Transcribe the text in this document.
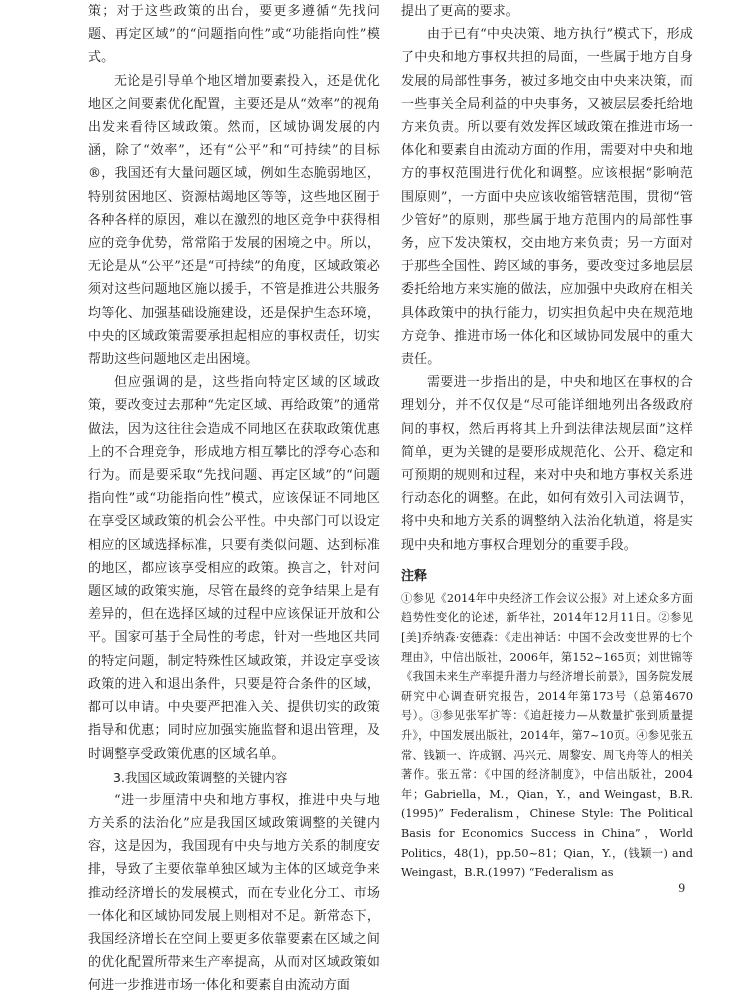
策；对于这些政策的出台，要更多遵循“先找问题、再定区域”的“问题指向性”或“功能指向性”模式。

无论是引导单个地区增加要素投入，还是优化地区之间要素优化配置，主要还是从“效率”的视角出发来看待区域政策。然而，区域协调发展的内涵，除了“效率”，还有“公平”和“可持续”的目标®，我国还有大量问题区域，例如生态脆弱地区，特别贫困地区、资源枯竭地区等等，这些地区囿于各种各样的原因，难以在激烈的地区竞争中获得相应的竞争优势，常常陷于发展的困境之中。所以，无论是从“公平”还是“可持续”的角度，区域政策必须对这些问题地区施以援手，不管是推进公共服务均等化、加强基础设施建设，还是保护生态环境，中央的区域政策需要承担起相应的事权责任，切实帮助这些问题地区走出困境。

但应强调的是，这些指向特定区域的区域政策，要改变过去那种“先定区域、再给政策”的通常做法，因为这往往会造成不同地区在获取政策优惠上的不合理竞争，形成地方相互攀比的浮夸心态和行为。而是要采取“先找问题、再定区域”的“问题指向性”或“功能指向性”模式，应该保证不同地区在享受区域政策的机会公平性。中央部门可以设定相应的区域选择标准，只要有类似问题、达到标准的地区，都应该享受相应的政策。换言之，针对问题区域的政策实施，尽管在最终的竞争结果上是有差异的，但在选择区域的过程中应该保证开放和公平。国家可基于全局性的考虑，针对一些地区共同的特定问题，制定特殊性区域政策，并设定享受该政策的进入和退出条件，只要是符合条件的区域，都可以申请。中央要严把准入关、提供切实的政策指导和优惠；同时应加强实施监督和退出管理，及时调整享受政策优惠的区域名单。

3.我国区域政策调整的关键内容

“进一步厘清中央和地方事权，推进中央与地方关系的法治化”应是我国区域政策调整的关键内容，这是因为，我国现有中央与地方关系的制度安排，导致了主要依靠单独区域为主体的区域竞争来推动经济增长的发展模式，而在专业化分工、市场一体化和区域协同发展上则相对不足。新常态下，我国经济增长在空间上要更多依靠要素在区域之间的优化配置所带来生产率提高，从而对区域政策如何进一步推进市场一体化和要素自由流动方面

提出了更高的要求。

由于已有“中央决策、地方执行”模式下，形成了中央和地方事权共担的局面，一些属于地方自身发展的局部性事务，被过多地交由中央来决策，而一些事关全局利益的中央事务，又被层层委托给地方来负责。所以要有效发挥区域政策在推进市场一体化和要素自由流动方面的作用，需要对中央和地方的事权范围进行优化和调整。应该根据“影响范围原则”，一方面中央应该收缩管辖范围，贯彻“管少管好”的原则，那些属于地方范围内的局部性事务，应下发决策权，交由地方来负责；另一方面对于那些全国性、跨区域的事务，要改变过多地层层委托给地方来实施的做法，应加强中央政府在相关具体政策中的执行能力，切实担负起中央在规范地方竞争、推进市场一体化和区域协同发展中的重大责任。

需要进一步指出的是，中央和地区在事权的合理划分，并不仅仅是“尽可能详细地列出各级政府间的事权，然后再将其上升到法律法规层面”这样简单，更为关键的是要形成规范化、公开、稳定和可预期的规则和过程，来对中央和地方事权关系进行动态化的调整。在此，如何有效引入司法调节，将中央和地方关系的调整纳入法治化轨道，将是实现中央和地方事权合理划分的重要手段。

注释

①参见《2014年中央经济工作会议公报》对上述众多方面趋势性变化的论述，新华社，2014年12月11日。②参见[美]乔纳森·安德森：《走出神话：中国不会改变世界的七个理由》，中信出版社，2006年，第152~165页；刘世锦等《我国未来生产率提升潜力与经济增长前景》，国务院发展研究中心调查研究报告，2014年第173号（总第4670号）。③参见张军扩等：《追赶接力—从数量扩张到质量提升》，中国发展出版社，2014年，第7~10页。④参见张五常、钱颖一、许成钢、冯兴元、周黎安、周飞舟等人的相关著作。张五常：《中国的经济制度》，中信出版社，2004 年；Gabriella，M.，Qian，Y.，and Weingast，B.R.(1995)” Federalism，Chinese Style: The Political Basis for Economics Success in China”，World Politics，48(1)，pp.50~81；Qian，Y.，(钱颖一) and Weingast，B.R.(1997) “Federalism as

9
